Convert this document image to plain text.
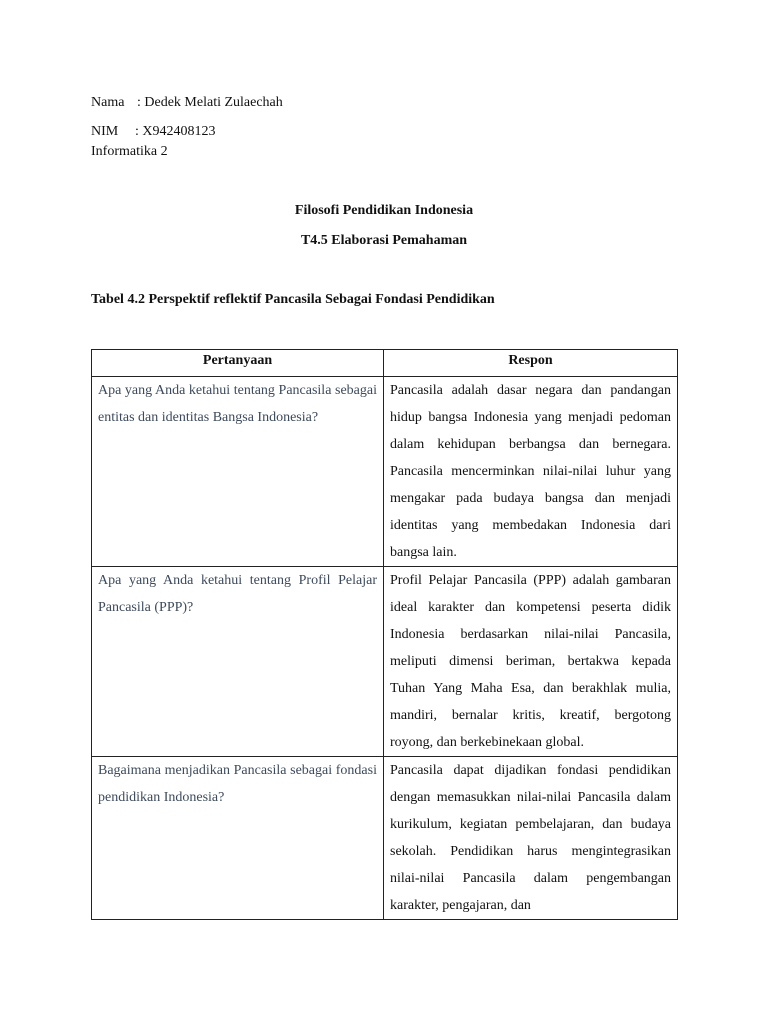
Nama : Dedek Melati Zulaechah
NIM : X942408123
Informatika 2
Filosofi Pendidikan Indonesia
T4.5 Elaborasi Pemahaman
Tabel 4.2 Perspektif reflektif Pancasila Sebagai Fondasi Pendidikan
Pertanyaan	Respon
Apa yang Anda ketahui tentang Pancasila sebagai entitas dan identitas Bangsa Indonesia?	Pancasila adalah dasar negara dan pandangan hidup bangsa Indonesia yang menjadi pedoman dalam kehidupan berbangsa dan bernegara. Pancasila mencerminkan nilai-nilai luhur yang mengakar pada budaya bangsa dan menjadi identitas yang membedakan Indonesia dari bangsa lain.
Apa yang Anda ketahui tentang Profil Pelajar Pancasila (PPP)?	Profil Pelajar Pancasila (PPP) adalah gambaran ideal karakter dan kompetensi peserta didik Indonesia berdasarkan nilai-nilai Pancasila, meliputi dimensi beriman, bertakwa kepada Tuhan Yang Maha Esa, dan berakhlak mulia, mandiri, bernalar kritis, kreatif, bergotong royong, dan berkebinekaan global.
Bagaimana menjadikan Pancasila sebagai fondasi pendidikan Indonesia?	Pancasila dapat dijadikan fondasi pendidikan dengan memasukkan nilai-nilai Pancasila dalam kurikulum, kegiatan pembelajaran, dan budaya sekolah. Pendidikan harus mengintegrasikan nilai-nilai Pancasila dalam pengembangan karakter, pengajaran, dan
